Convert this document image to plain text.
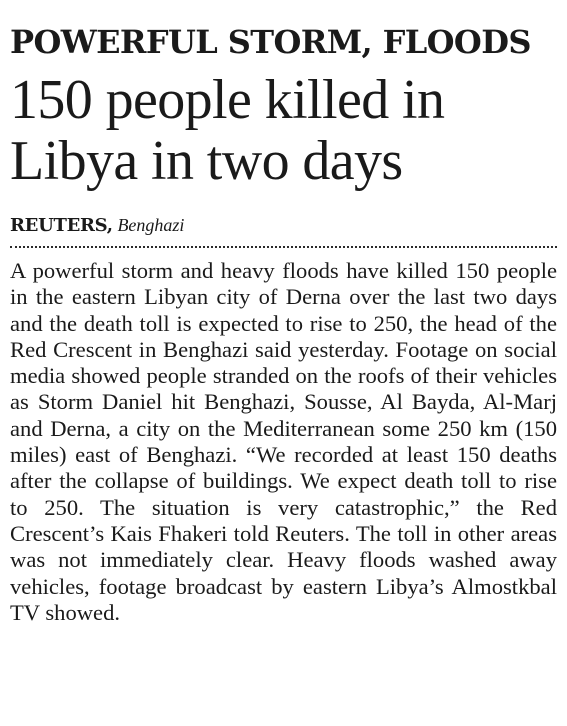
POWERFUL STORM, FLOODS
150 people killed in Libya in two days
REUTERS, Benghazi

A powerful storm and heavy floods have killed 150 people in the eastern Libyan city of Derna over the last two days and the death toll is expected to rise to 250, the head of the Red Crescent in Benghazi said yesterday. Footage on social media showed people stranded on the roofs of their vehicles as Storm Daniel hit Benghazi, Sousse, Al Bayda, Al-Marj and Derna, a city on the Mediterranean some 250 km (150 miles) east of Benghazi. “We recorded at least 150 deaths after the collapse of buildings. We expect death toll to rise to 250. The situation is very catastrophic,” the Red Crescent’s Kais Fhakeri told Reuters. The toll in other areas was not immediately clear. Heavy floods washed away vehicles, footage broadcast by eastern Libya’s Almostkbal TV showed.
